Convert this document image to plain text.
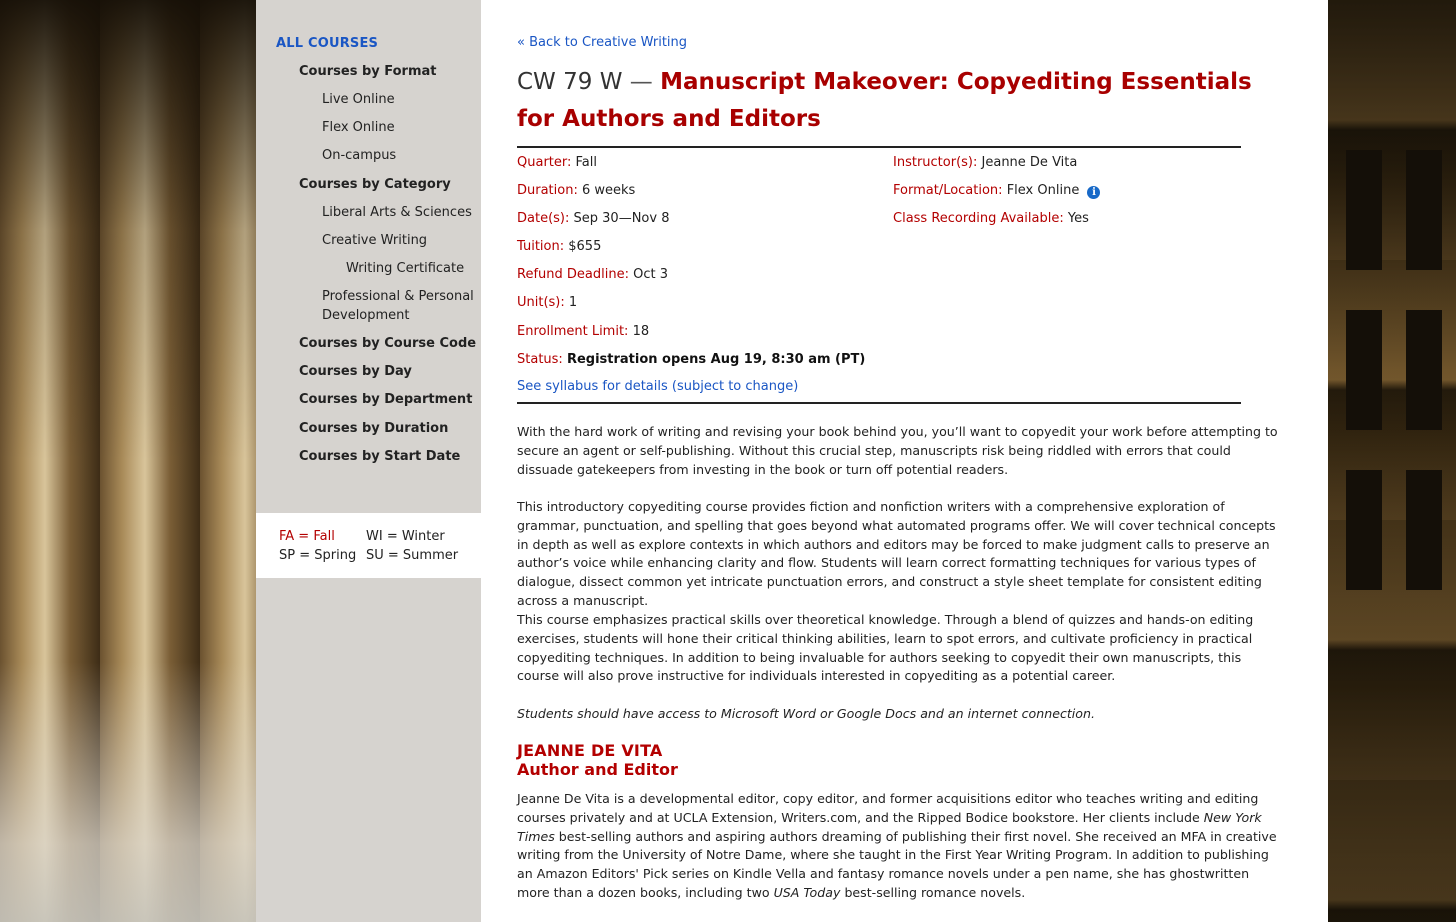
ALL COURSES
Courses by Format
Live Online
Flex Online
On-campus
Courses by Category
Liberal Arts & Sciences
Creative Writing
Writing Certificate
Professional & Personal
Development
Courses by Course Code
Courses by Day
Courses by Department
Courses by Duration
Courses by Start Date
FA = Fall WI = Winter
SP = Spring SU = Summer
« Back to Creative Writing
CW 79 W — Manuscript Makeover: Copyediting Essentials for Authors and Editors
Quarter: Fall
Duration: 6 weeks
Date(s): Sep 30—Nov 8
Tuition: $655
Refund Deadline: Oct 3
Unit(s): 1
Enrollment Limit: 18
Status: Registration opens Aug 19, 8:30 am (PT)
Instructor(s): Jeanne De Vita
Format/Location: Flex Online i
Class Recording Available: Yes
See syllabus for details (subject to change)

With the hard work of writing and revising your book behind you, you’ll want to copyedit your work before attempting to secure an agent or self-publishing. Without this crucial step, manuscripts risk being riddled with errors that could dissuade gatekeepers from investing in the book or turn off potential readers.

This introductory copyediting course provides fiction and nonfiction writers with a comprehensive exploration of grammar, punctuation, and spelling that goes beyond what automated programs offer. We will cover technical concepts in depth as well as explore contexts in which authors and editors may be forced to make judgment calls to preserve an author’s voice while enhancing clarity and flow. Students will learn correct formatting techniques for various types of dialogue, dissect common yet intricate punctuation errors, and construct a style sheet template for consistent editing across a manuscript.

This course emphasizes practical skills over theoretical knowledge. Through a blend of quizzes and hands-on editing exercises, students will hone their critical thinking abilities, learn to spot errors, and cultivate proficiency in practical copyediting techniques. In addition to being invaluable for authors seeking to copyedit their own manuscripts, this course will also prove instructive for individuals interested in copyediting as a potential career.

Students should have access to Microsoft Word or Google Docs and an internet connection.

JEANNE DE VITA
Author and Editor

Jeanne De Vita is a developmental editor, copy editor, and former acquisitions editor who teaches writing and editing courses privately and at UCLA Extension, Writers.com, and the Ripped Bodice bookstore. Her clients include New York Times best-selling authors and aspiring authors dreaming of publishing their first novel. She received an MFA in creative writing from the University of Notre Dame, where she taught in the First Year Writing Program. In addition to publishing an Amazon Editors' Pick series on Kindle Vella and fantasy romance novels under a pen name, she has ghostwritten more than a dozen books, including two USA Today best-selling romance novels.
